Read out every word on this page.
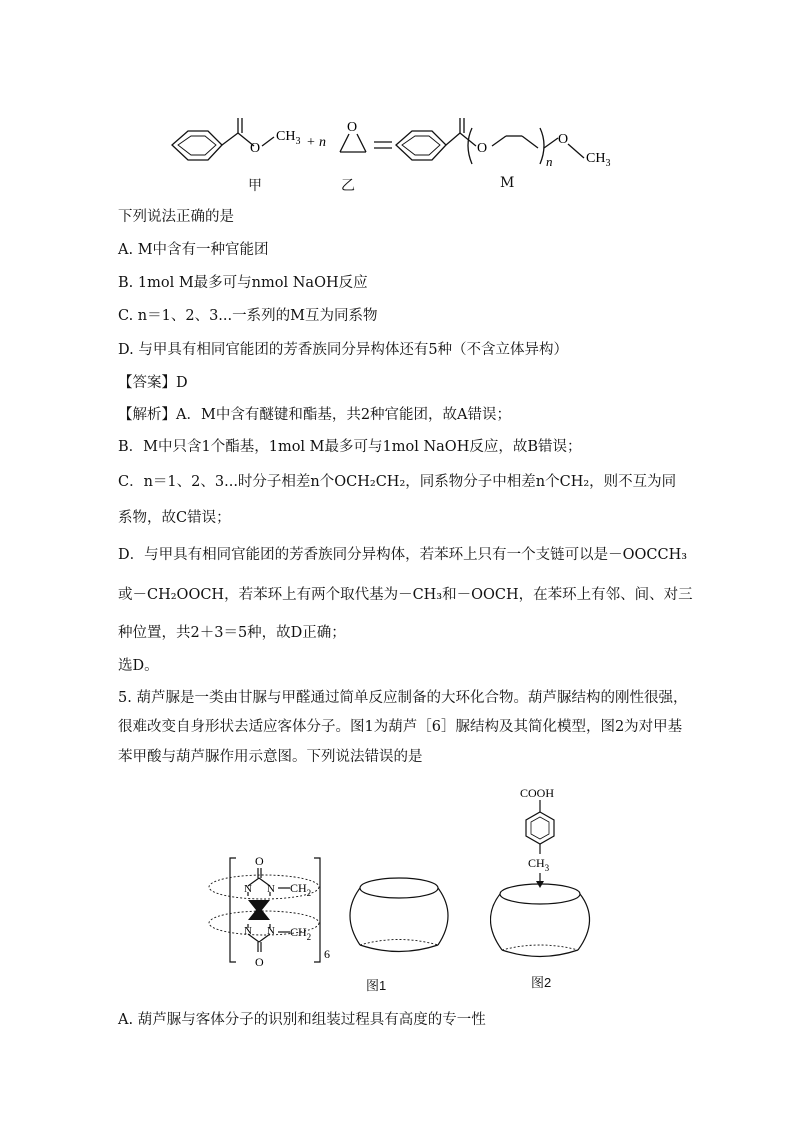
O
$CH_3 + n$
O
O
n
O
$CH_3$
甲	乙	M
下列说法正确的是
A. M中含有一种官能团
B. 1mol M最多可与nmol NaOH反应
C. n＝1、2、3...一系列的M互为同系物
D. 与甲具有相同官能团的芳香族同分异构体还有5种（不含立体异构）
【答案】D
【解析】A．M中含有醚键和酯基，共2种官能团，故A错误；
B．M中只含1个酯基，1mol M最多可与1mol NaOH反应，故B错误；
C．n＝1、2、3...时分子相差n个OCH₂CH₂，同系物分子中相差n个CH₂，则不互为同
系物，故C错误；
D．与甲具有相同官能团的芳香族同分异构体，若苯环上只有一个支链可以是－OOCCH₃
或－CH₂OOCH，若苯环上有两个取代基为－CH₃和－OOCH，在苯环上有邻、间、对三
种位置，共2＋3＝5种，故D正确；
选D。
5. 葫芦脲是一类由甘脲与甲醛通过简单反应制备的大环化合物。葫芦脲结构的刚性很强，
很难改变自身形状去适应客体分子。图1为葫芦［6］脲结构及其简化模型，图2为对甲基
苯甲酸与葫芦脲作用示意图。下列说法错误的是
O
O
N N
N N
$CH_2$
$CH_2$
6
图1
COOH
$CH_3$
图2
A. 葫芦脲与客体分子的识别和组装过程具有高度的专一性
